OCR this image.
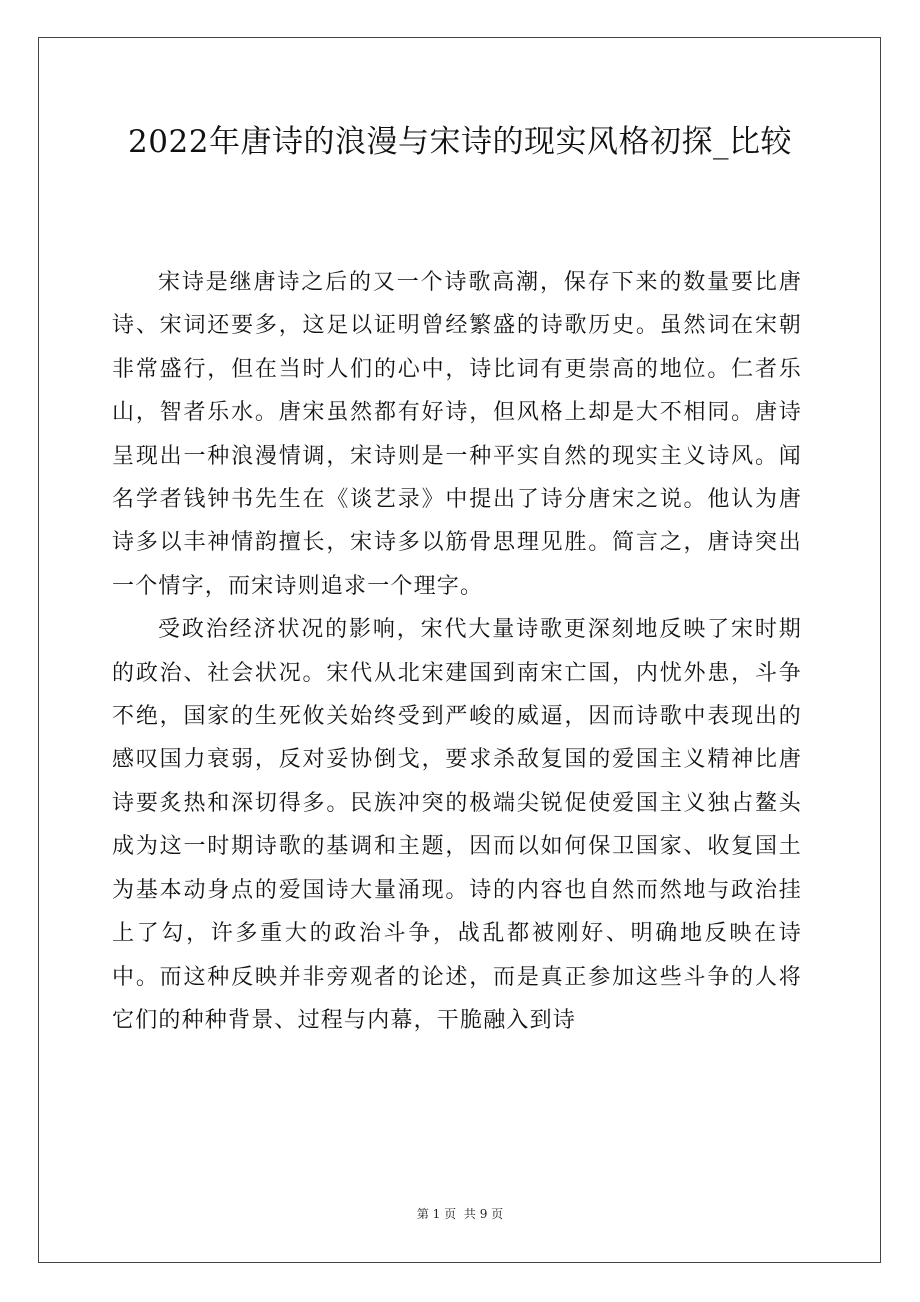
2022年唐诗的浪漫与宋诗的现实风格初探_比较

宋诗是继唐诗之后的又一个诗歌高潮，保存下来的数量要比唐诗、宋词还要多，这足以证明曾经繁盛的诗歌历史。虽然词在宋朝非常盛行，但在当时人们的心中，诗比词有更崇高的地位。仁者乐山，智者乐水。唐宋虽然都有好诗，但风格上却是大不相同。唐诗呈现出一种浪漫情调，宋诗则是一种平实自然的现实主义诗风。闻名学者钱钟书先生在《谈艺录》中提出了诗分唐宋之说。他认为唐诗多以丰神情韵擅长，宋诗多以筋骨思理见胜。简言之，唐诗突出一个情字，而宋诗则追求一个理字。

受政治经济状况的影响，宋代大量诗歌更深刻地反映了宋时期的政治、社会状况。宋代从北宋建国到南宋亡国，内忧外患，斗争不绝，国家的生死攸关始终受到严峻的威逼，因而诗歌中表现出的感叹国力衰弱，反对妥协倒戈，要求杀敌复国的爱国主义精神比唐诗要炙热和深切得多。民族冲突的极端尖锐促使爱国主义独占鳌头成为这一时期诗歌的基调和主题，因而以如何保卫国家、收复国土为基本动身点的爱国诗大量涌现。诗的内容也自然而然地与政治挂上了勾，许多重大的政治斗争，战乱都被刚好、明确地反映在诗中。而这种反映并非旁观者的论述，而是真正参加这些斗争的人将它们的种种背景、过程与内幕，干脆融入到诗

第 1 页 共 9 页
